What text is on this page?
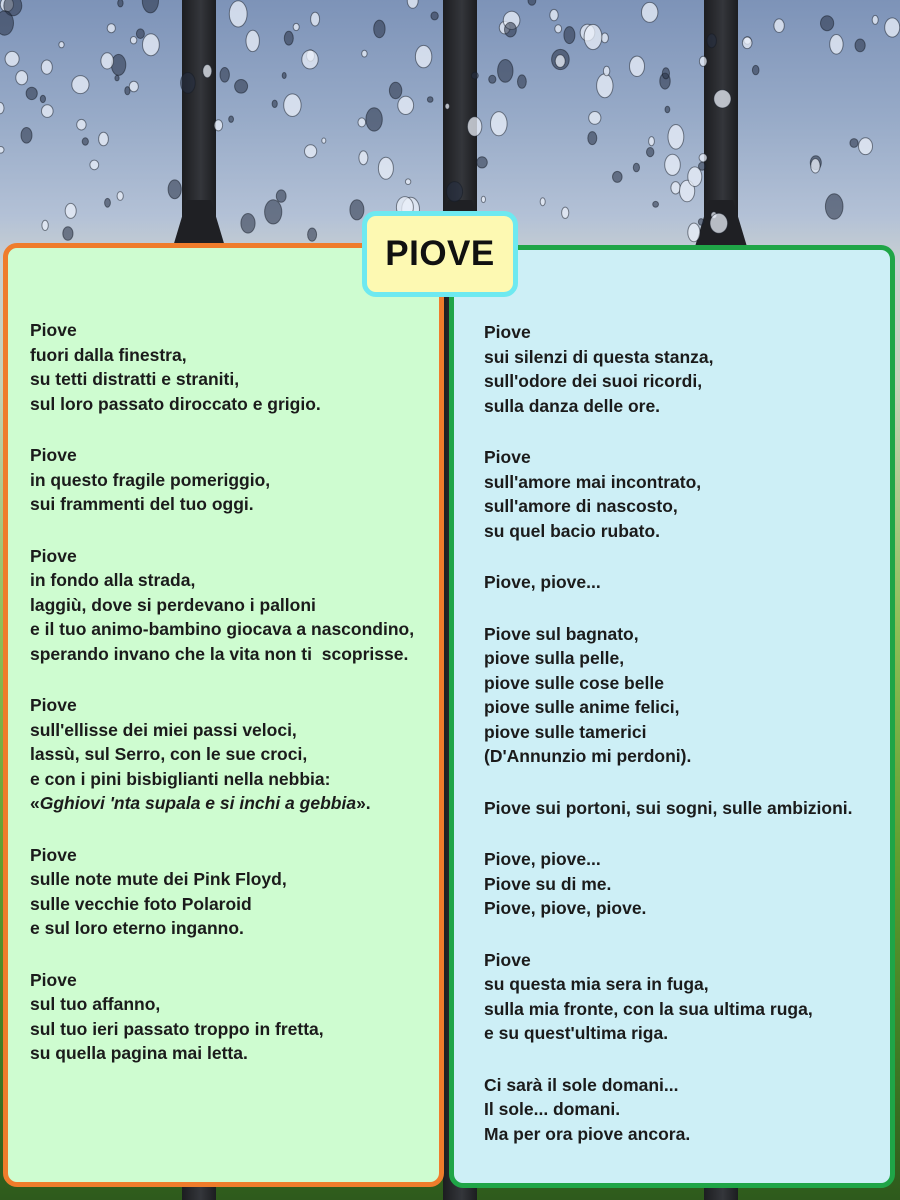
Piove
fuori dalla finestra,
su tetti distratti e straniti,
sul loro passato diroccato e grigio.
Piove
in questo fragile pomeriggio,
sui frammenti del tuo oggi.
Piove
in fondo alla strada,
laggiù, dove si perdevano i palloni
e il tuo animo-bambino giocava a nascondino,
sperando invano che la vita non ti  scoprisse.
Piove
sull'ellisse dei miei passi veloci,
lassù, sul Serro, con le sue croci,
e con i pini bisbiglianti nella nebbia:
«Gghiovi 'nta supala e si inchi a gebbia».
Piove
sulle note mute dei Pink Floyd,
sulle vecchie foto Polaroid
e sul loro eterno inganno.
Piove
sul tuo affanno,
sul tuo ieri passato troppo in fretta,
su quella pagina mai letta.
Piove
sui silenzi di questa stanza,
sull'odore dei suoi ricordi,
sulla danza delle ore.
Piove
sull'amore mai incontrato,
sull'amore di nascosto,
su quel bacio rubato.
Piove, piove...
Piove sul bagnato,
piove sulla pelle,
piove sulle cose belle
piove sulle anime felici,
piove sulle tamerici
(D'Annunzio mi perdoni).
Piove sui portoni, sui sogni, sulle ambizioni.
Piove, piove...
Piove su di me.
Piove, piove, piove.
Piove
su questa mia sera in fuga,
sulla mia fronte, con la sua ultima ruga,
e su quest'ultima riga.
Ci sarà il sole domani...
Il sole... domani.
Ma per ora piove ancora.
PIOVE
